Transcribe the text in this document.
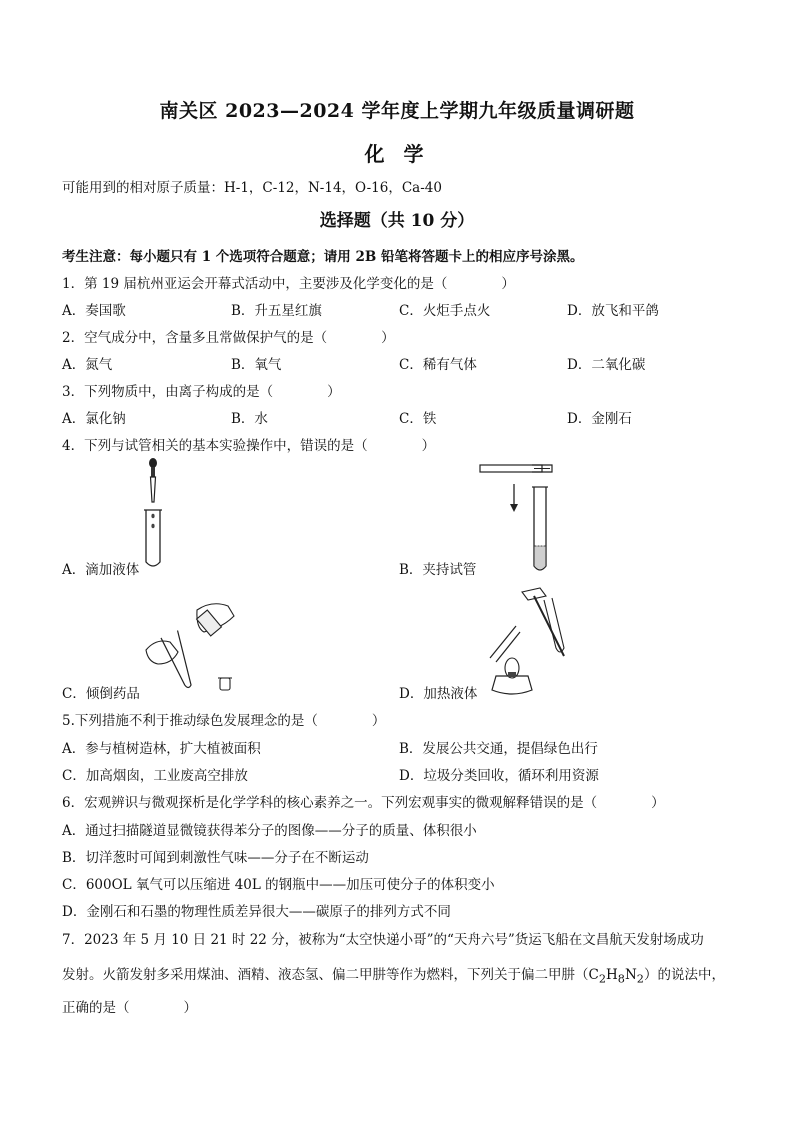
南关区 2023—2024 学年度上学期九年级质量调研题
化 学
可能用到的相对原子质量：H-1，C-12，N-14，O-16，Ca-40
选择题（共 10 分）
考生注意：每小题只有 1 个选项符合题意；请用 2B 铅笔将答题卡上的相应序号涂黑。
1．第 19 届杭州亚运会开幕式活动中，主要涉及化学变化的是（　　　　）
A．奏国歌	B．升五星红旗	C．火炬手点火	D．放飞和平鸽
2．空气成分中，含量多且常做保护气的是（　　　　）
A．氮气	B．氧气	C．稀有气体	D．二氧化碳
3．下列物质中，由离子构成的是（　　　　）
A．氯化钠	B．水	C．铁	D．金刚石
4．下列与试管相关的基本实验操作中，错误的是（　　　　）
A．滴加液体	B．夹持试管
C．倾倒药品	D．加热液体
5.下列措施不利于推动绿色发展理念的是（　　　　）
A．参与植树造林，扩大植被面积	B．发展公共交通，提倡绿色出行
C．加高烟囱，工业废高空排放	D．垃圾分类回收，循环利用资源
6．宏观辨识与微观探析是化学学科的核心素养之一。下列宏观事实的微观解释错误的是（　　　　）
A．通过扫描隧道显微镜获得苯分子的图像——分子的质量、体积很小
B．切洋葱时可闻到刺激性气味——分子在不断运动
C．600OL 氧气可以压缩进 40L 的钢瓶中——加压可使分子的体积变小
D．金刚石和石墨的物理性质差异很大——碳原子的排列方式不同
7．2023 年 5 月 10 日 21 时 22 分，被称为“太空快递小哥”的“天舟六号”货运飞船在文昌航天发射场成功
发射。火箭发射多采用煤油、酒精、液态氢、偏二甲肼等作为燃料，下列关于偏二甲肼$(C_2H_8N_2)$的说法中，
正确的是（　　　　）
